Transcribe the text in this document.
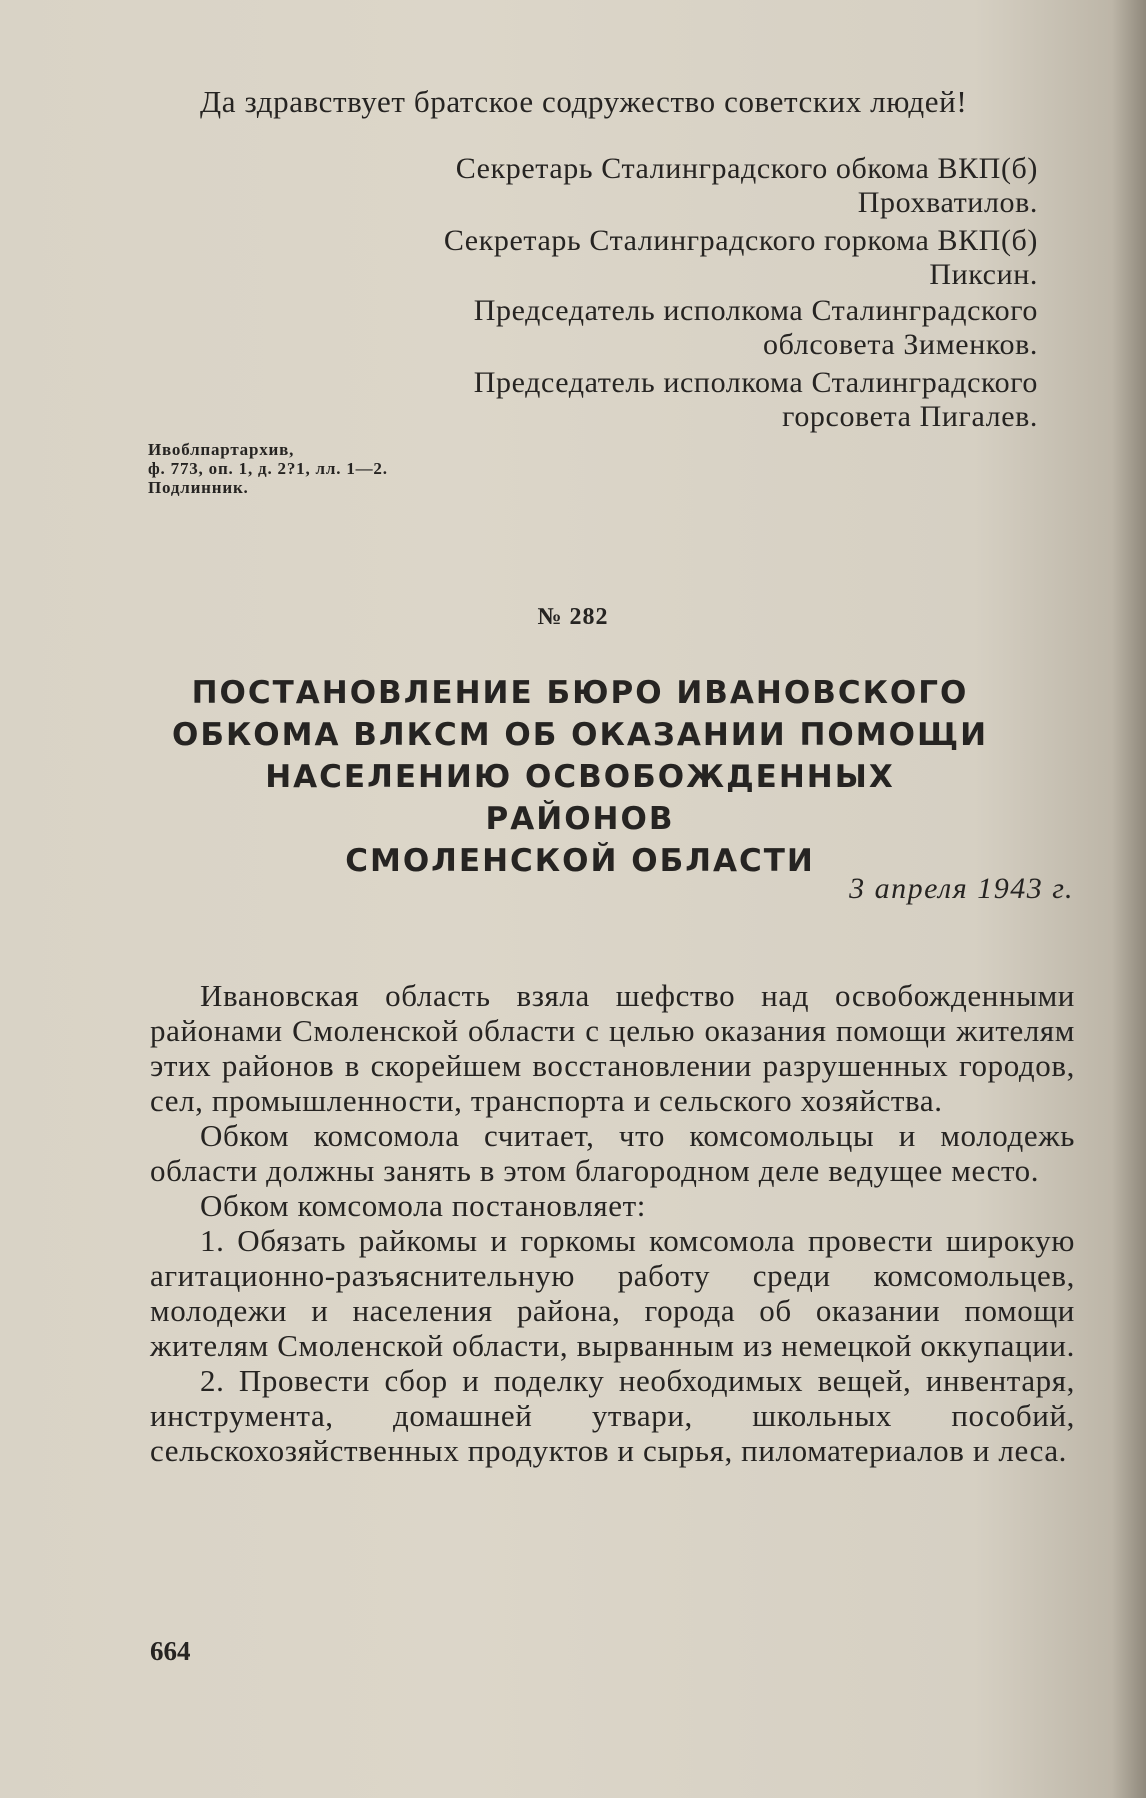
Да здравствует братское содружество советских людей!

Секретарь Сталинградского обкома ВКП(б)
Прохватилов.
Секретарь Сталинградского горкома ВКП(б)
Пиксин.
Председатель исполкома Сталинградского
облсовета Зименков.
Председатель исполкома Сталинградского
горсовета Пигалев.
Ивоблпартархив,
ф. 773, оп. 1, д. 2?1, лл. 1—2.
Подлинник.
№ 282
ПОСТАНОВЛЕНИЕ БЮРО ИВАНОВСКОГО
ОБКОМА ВЛКСМ ОБ ОКАЗАНИИ ПОМОЩИ
НАСЕЛЕНИЮ ОСВОБОЖДЕННЫХ РАЙОНОВ
СМОЛЕНСКОЙ ОБЛАСТИ
3 апреля 1943 г.

Ивановская область взяла шефство над освобожденными районами Смоленской области с целью оказания помощи жителям этих районов в скорейшем восстановлении разрушенных городов, сел, промышленности, транспорта и сельского хозяйства.

Обком комсомола считает, что комсомольцы и молодежь области должны занять в этом благородном деле ведущее место.

Обком комсомола постановляет:

1. Обязать райкомы и горкомы комсомола провести широкую агитационно-разъяснительную работу среди комсомольцев, молодежи и населения района, города об оказании помощи жителям Смоленской области, вырванным из немецкой оккупации.

2. Провести сбор и поделку необходимых вещей, инвентаря, инструмента, домашней утвари, школьных пособий, сельскохозяйственных продуктов и сырья, пиломатериалов и леса.

664
